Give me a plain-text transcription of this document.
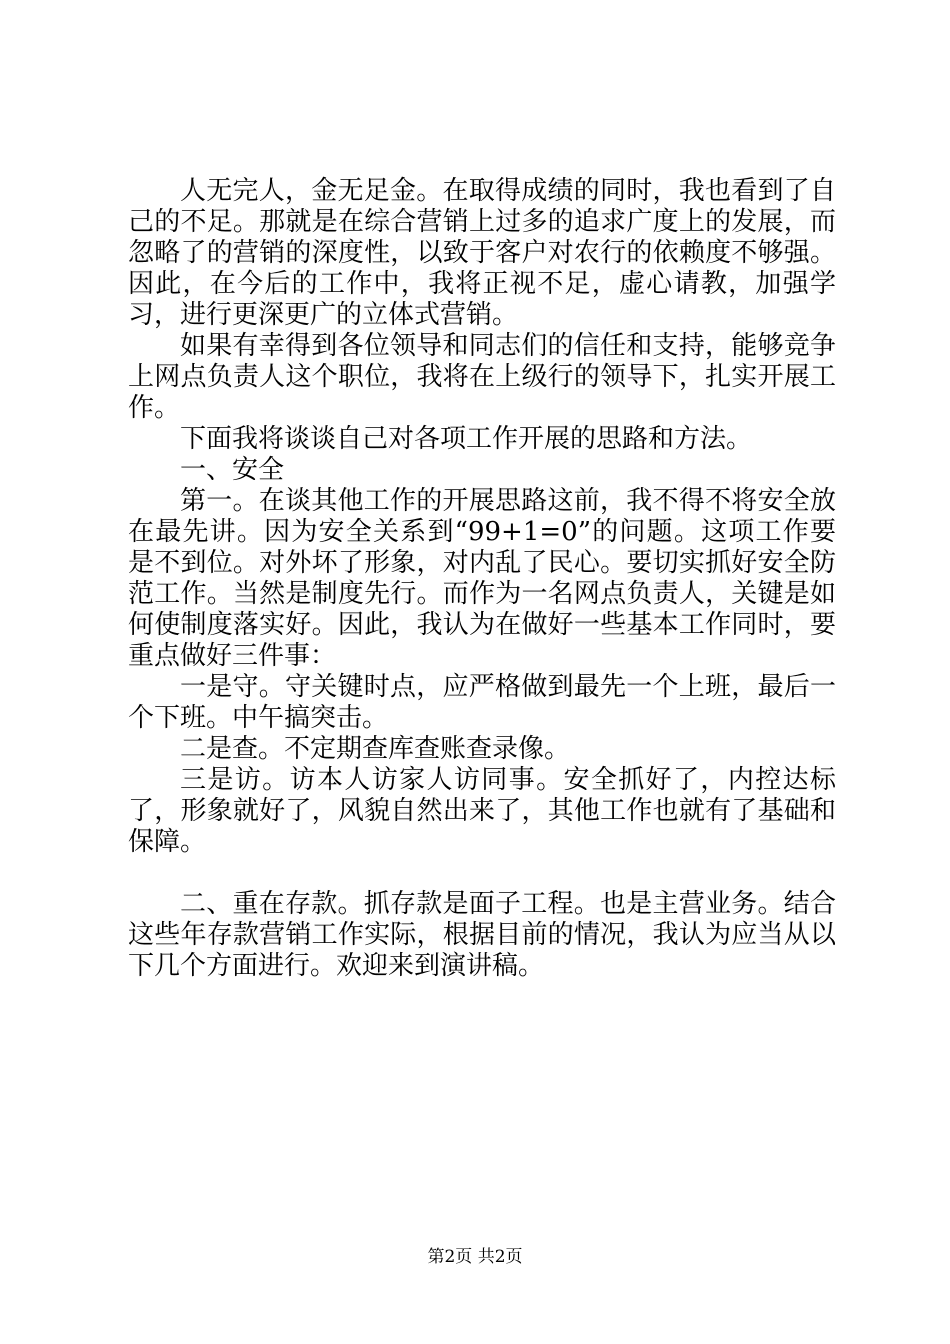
人无完人，金无足金。在取得成绩的同时，我也看到了自己的不足。那就是在综合营销上过多的追求广度上的发展，而忽略了的营销的深度性，以致于客户对农行的依赖度不够强。因此，在今后的工作中，我将正视不足，虚心请教，加强学习，进行更深更广的立体式营销。

如果有幸得到各位领导和同志们的信任和支持，能够竞争上网点负责人这个职位，我将在上级行的领导下，扎实开展工作。

下面我将谈谈自己对各项工作开展的思路和方法。

一、安全

第一。在谈其他工作的开展思路这前，我不得不将安全放在最先讲。因为安全关系到“99+1=0”的问题。这项工作要是不到位。对外坏了形象，对内乱了民心。要切实抓好安全防范工作。当然是制度先行。而作为一名网点负责人，关键是如何使制度落实好。因此，我认为在做好一些基本工作同时，要重点做好三件事：

一是守。守关键时点，应严格做到最先一个上班，最后一个下班。中午搞突击。

二是查。不定期查库查账查录像。

三是访。访本人访家人访同事。安全抓好了，内控达标了，形象就好了，风貌自然出来了，其他工作也就有了基础和保障。

二、重在存款。抓存款是面子工程。也是主营业务。结合这些年存款营销工作实际，根据目前的情况，我认为应当从以下几个方面进行。欢迎来到演讲稿。

第2页 共2页
